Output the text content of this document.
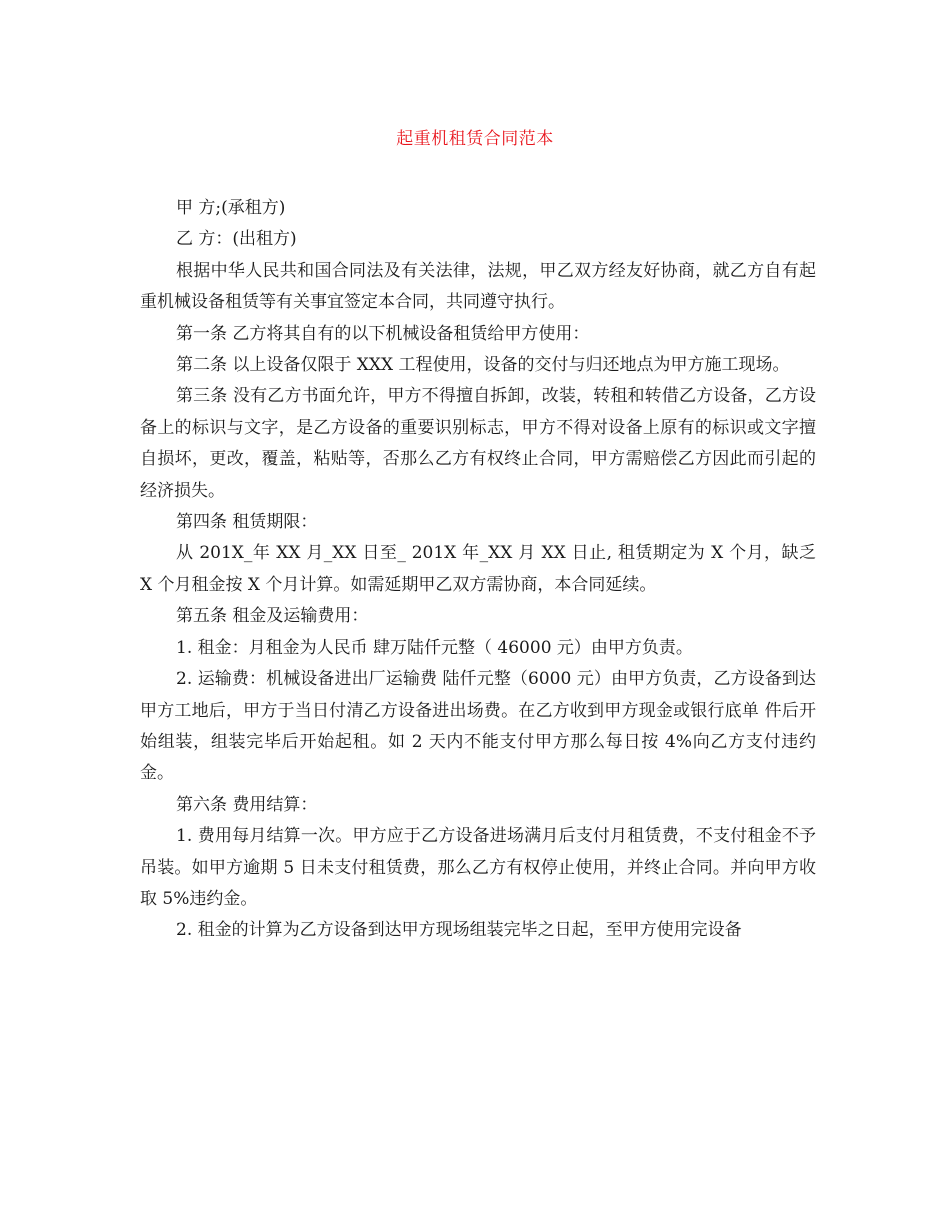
起重机租赁合同范本

甲 方;(承租方)

乙 方：(出租方)

根据中华人民共和国合同法及有关法律，法规，甲乙双方经友好协商，就乙方自有起重机械设备租赁等有关事宜签定本合同，共同遵守执行。

第一条 乙方将其自有的以下机械设备租赁给甲方使用：

第二条 以上设备仅限于 XXX 工程使用，设备的交付与归还地点为甲方施工现场。

第三条 没有乙方书面允许，甲方不得擅自拆卸，改装，转租和转借乙方设备，乙方设备上的标识与文字，是乙方设备的重要识别标志，甲方不得对设备上原有的标识或文字擅自损坏，更改，覆盖，粘贴等，否那么乙方有权终止合同，甲方需赔偿乙方因此而引起的经济损失。

第四条 租赁期限：

从 201X_年 XX 月_XX 日至_ 201X 年_XX 月 XX 日止, 租赁期定为 X 个月，缺乏 X 个月租金按 X 个月计算。如需延期甲乙双方需协商，本合同延续。

第五条 租金及运输费用：

1. 租金：月租金为人民币 肆万陆仟元整（ 46000 元）由甲方负责。

2. 运输费：机械设备进出厂运输费 陆仟元整（6000 元）由甲方负责，乙方设备到达甲方工地后，甲方于当日付清乙方设备进出场费。在乙方收到甲方现金或银行底单 件后开始组装，组装完毕后开始起租。如 2 天内不能支付甲方那么每日按 4%向乙方支付违约金。

第六条 费用结算：

1. 费用每月结算一次。甲方应于乙方设备进场满月后支付月租赁费，不支付租金不予吊装。如甲方逾期 5 日未支付租赁费，那么乙方有权停止使用，并终止合同。并向甲方收取 5%违约金。

2. 租金的计算为乙方设备到达甲方现场组装完毕之日起，至甲方使用完设备
